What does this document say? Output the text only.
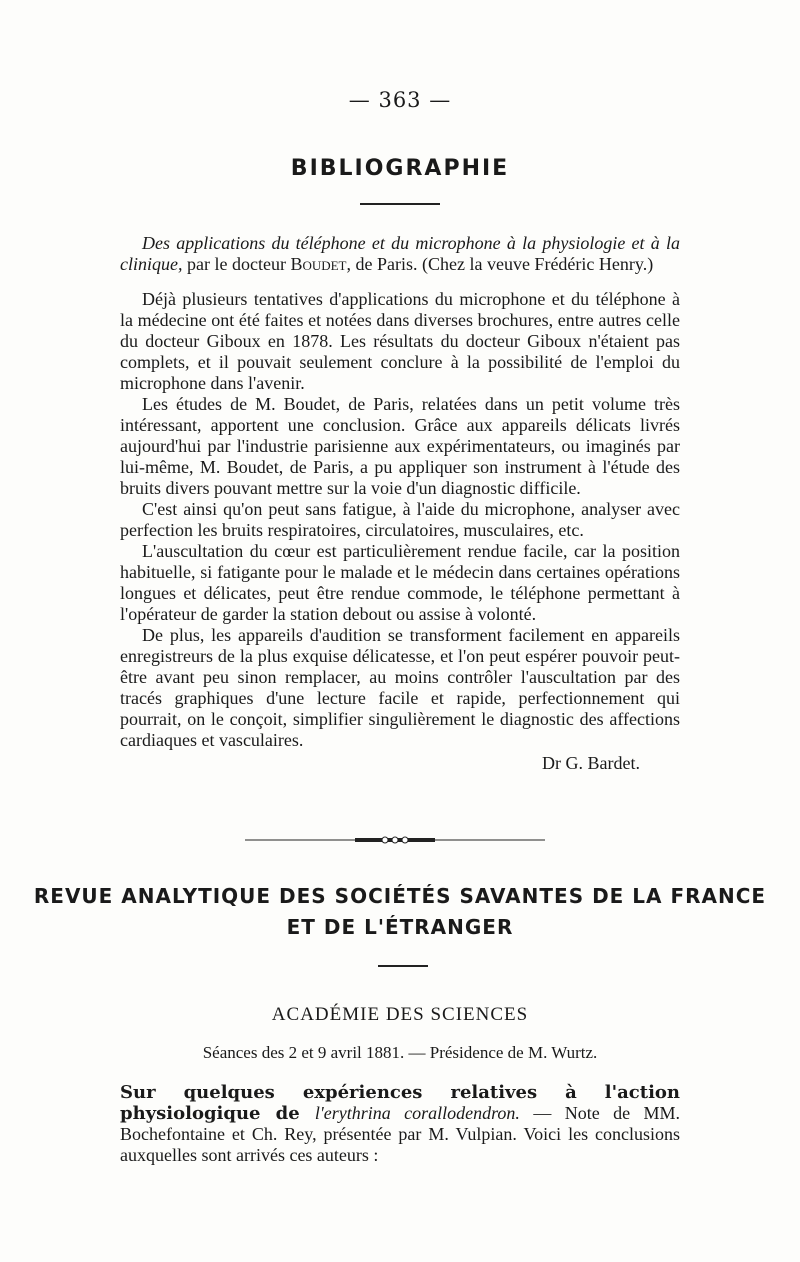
— 363 —
BIBLIOGRAPHIE

Des applications du téléphone et du microphone à la physiologie et à la clinique, par le docteur Boudet, de Paris. (Chez la veuve Frédéric Henry.)

Déjà plusieurs tentatives d'applications du microphone et du téléphone à la médecine ont été faites et notées dans diverses brochures, entre autres celle du docteur Giboux en 1878. Les résultats du docteur Giboux n'étaient pas complets, et il pouvait seulement conclure à la possibilité de l'emploi du microphone dans l'avenir.

Les études de M. Boudet, de Paris, relatées dans un petit volume très intéressant, apportent une conclusion. Grâce aux appareils délicats livrés aujourd'hui par l'industrie parisienne aux expérimentateurs, ou imaginés par lui-même, M. Boudet, de Paris, a pu appliquer son instrument à l'étude des bruits divers pouvant mettre sur la voie d'un diagnostic difficile.

C'est ainsi qu'on peut sans fatigue, à l'aide du microphone, analyser avec perfection les bruits respiratoires, circulatoires, musculaires, etc.

L'auscultation du cœur est particulièrement rendue facile, car la position habituelle, si fatigante pour le malade et le médecin dans certaines opérations longues et délicates, peut être rendue commode, le téléphone permettant à l'opérateur de garder la station debout ou assise à volonté.

De plus, les appareils d'audition se transforment facilement en appareils enregistreurs de la plus exquise délicatesse, et l'on peut espérer pouvoir peut-être avant peu sinon remplacer, au moins contrôler l'auscultation par des tracés graphiques d'une lecture facile et rapide, perfectionnement qui pourrait, on le conçoit, simplifier singulièrement le diagnostic des affections cardiaques et vasculaires.

Dr G. Bardet.
REVUE ANALYTIQUE DES SOCIÉTÉS SAVANTES DE LA FRANCE
ET DE L'ÉTRANGER
ACADÉMIE DES SCIENCES
Séances des 2 et 9 avril 1881. — Présidence de M. Wurtz.

Sur quelques expériences relatives à l'action physiologique de l'erythrina corallodendron. — Note de MM. Bochefontaine et Ch. Rey, présentée par M. Vulpian. Voici les conclusions auxquelles sont arrivés ces auteurs :
